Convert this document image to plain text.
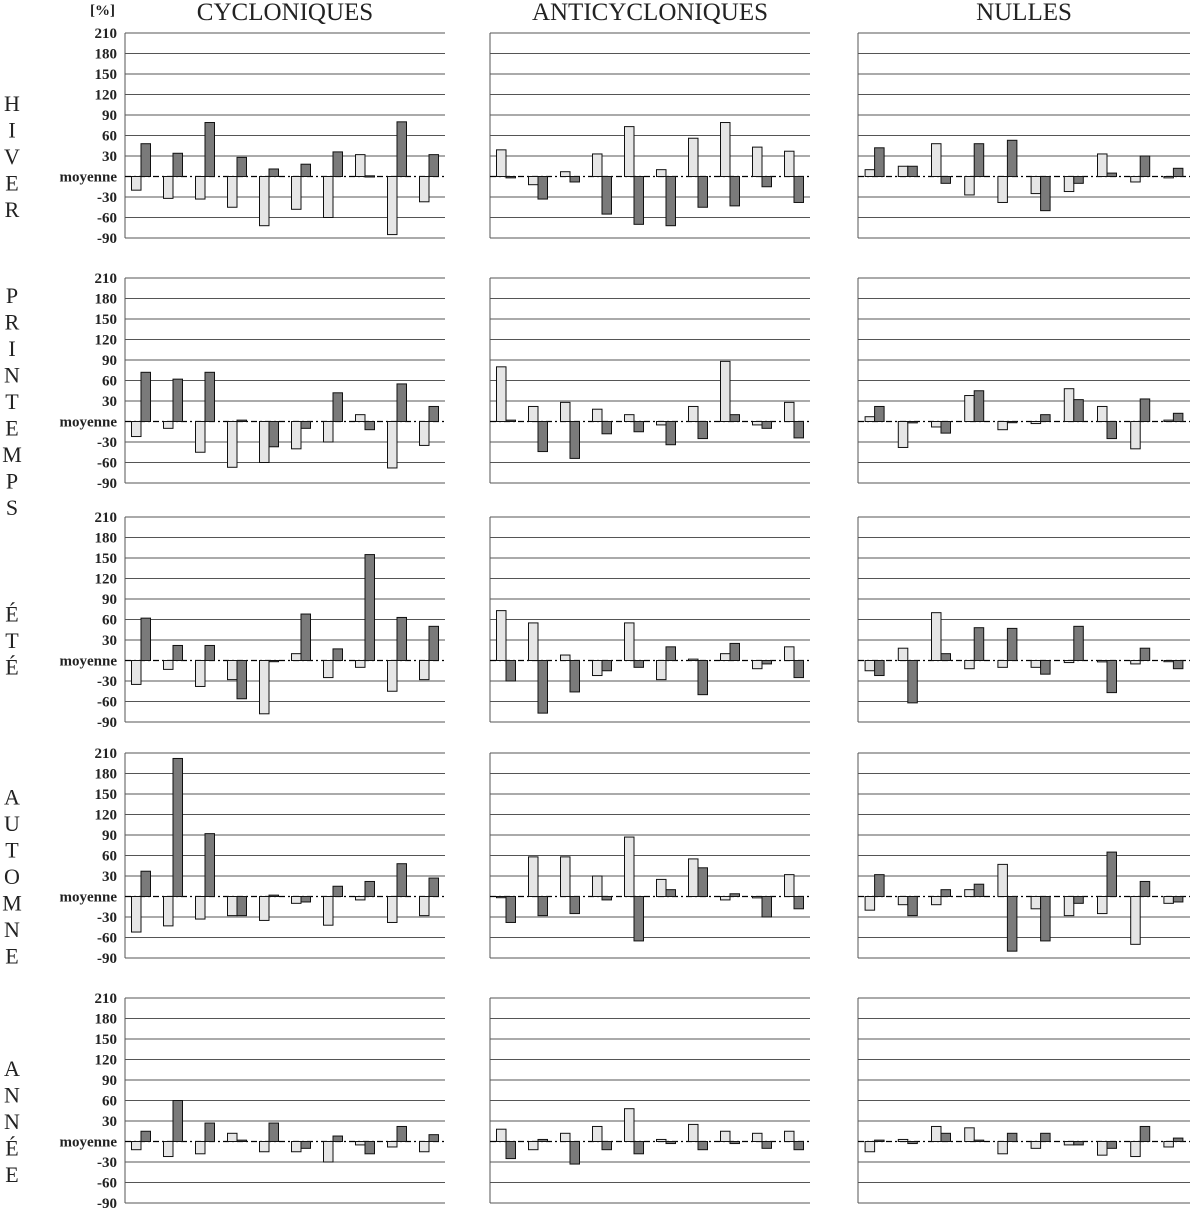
CYCLONIQUES	ANTICYCLONIQUES	NULLES
[%]
H I V E R
P R I N T E M P S
É T É
A U T O M N E
A N N É E
210
180
150
120
90
60
30
-30
-60
-90
moyenne
210
180
150
120
90
60
30
-30
-60
-90
moyenne
210
180
150
120
90
60
30
-30
-60
-90
moyenne
210
180
150
120
90
60
30
-30
-60
-90
moyenne
210
180
150
120
90
60
30
-30
-60
-90
moyenne
